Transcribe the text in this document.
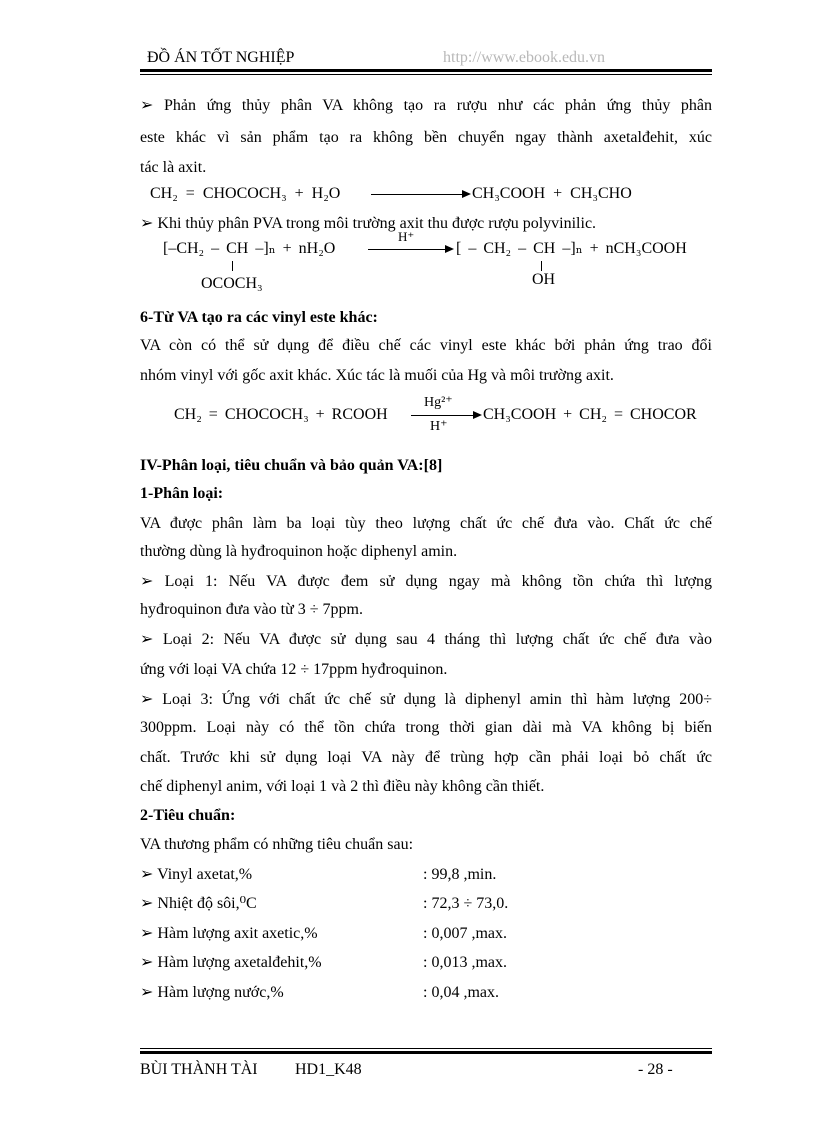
ĐỒ ÁN TỐT NGHIỆP	http://www.ebook.edu.vn
➢ Phản ứng thủy phân VA không tạo ra rượu như các phản ứng thủy phân
este khác vì sản phẩm tạo ra không bền chuyển ngay thành axetalđehit, xúc
tác là axit.
CH₂ = CHOCOCH₃ + H₂O	CH₃COOH + CH₃CHO
➢ Khi thủy phân PVA trong môi trường axit thu được rượu polyvinilic.
[–CH₂ – CH –]ₙ + nH₂O
H⁺
[ – CH₂ – CH –]ₙ + nCH₃COOH
OCOCH₃	OH
6-Từ VA tạo ra các vinyl este khác:
VA còn có thể sử dụng để điều chế các vinyl este khác bởi phản ứng trao đổi
nhóm vinyl với gốc axit khác. Xúc tác là muối của Hg và môi trường axit.
CH₂ = CHOCOCH₃ + RCOOH
Hg²⁺
H⁺
CH₃COOH + CH₂ = CHOCOR
IV-Phân loại, tiêu chuẩn và bảo quản VA:[8]
1-Phân loại:
VA được phân làm ba loại tùy theo lượng chất ức chế đưa vào. Chất ức chế
thường dùng là hyđroquinon hoặc diphenyl amin.
➢ Loại 1: Nếu VA được đem sử dụng ngay mà không tồn chứa thì lượng
hyđroquinon đưa vào từ 3 ÷ 7ppm.
➢ Loại 2: Nếu VA được sử dụng sau 4 tháng thì lượng chất ức chế đưa vào
ứng với loại VA chứa 12 ÷ 17ppm hyđroquinon.
➢ Loại 3: Ứng với chất ức chế sử dụng là diphenyl amin thì hàm lượng 200÷
300ppm. Loại này có thể tồn chứa trong thời gian dài mà VA không bị biến
chất. Trước khi sử dụng loại VA này để trùng hợp cần phải loại bỏ chất ức
chế diphenyl anim, với loại 1 và 2 thì điều này không cần thiết.
2-Tiêu chuẩn:
VA thương phẩm có những tiêu chuẩn sau:
➢ Vinyl axetat,%	: 99,8 ,min.
➢ Nhiệt độ sôi,⁰C	: 72,3 ÷ 73,0.
➢ Hàm lượng axit axetic,%	: 0,007 ,max.
➢ Hàm lượng axetalđehit,%	: 0,013 ,max.
➢ Hàm lượng nước,%	: 0,04 ,max.
BÙI THÀNH TÀI HD1_K48	- 28 -
